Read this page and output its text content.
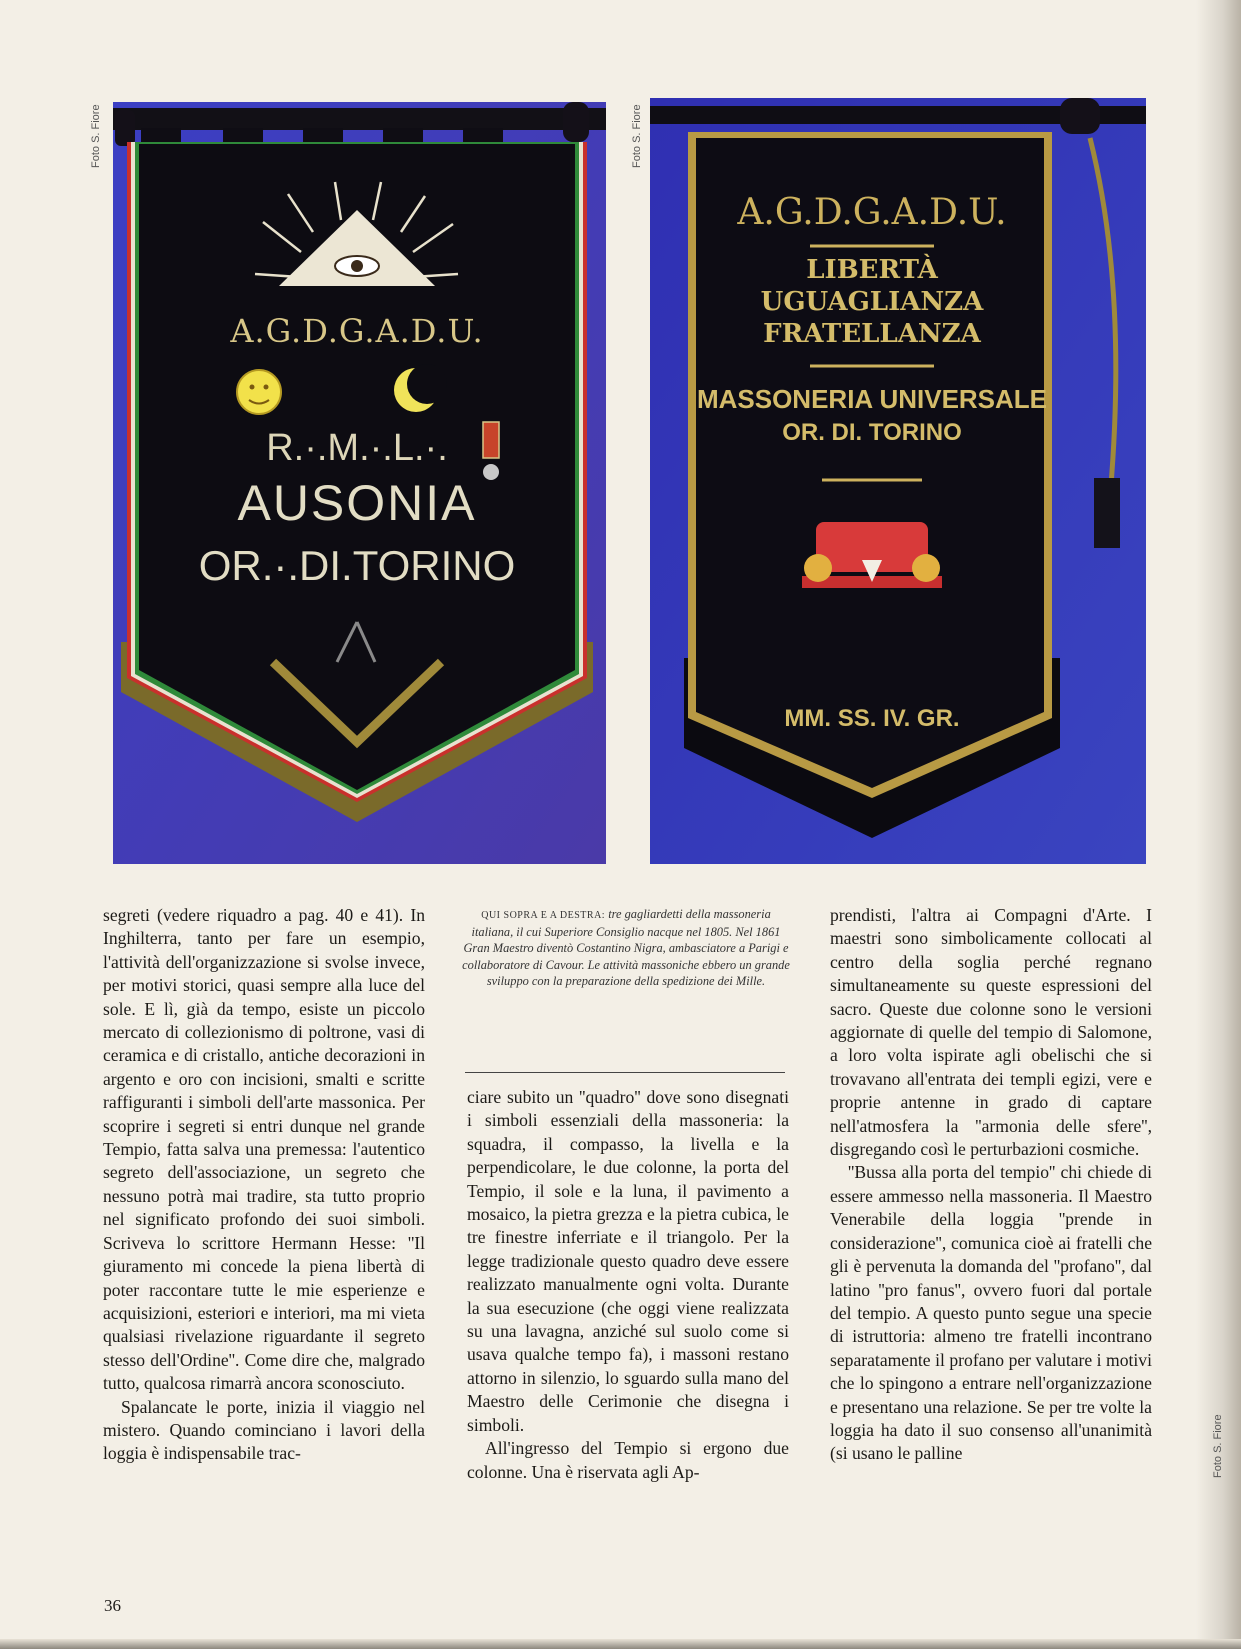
Foto S. Fiore	Foto S. Fiore
Foto S. Fiore
A.G.D.G.A.D.U.
R.·.M.·.L.·.
AUSONIA
OR.·.DI.TORINO
A.G.D.G.A.D.U.
LIBERTÀ
UGUAGLIANZA
FRATELLANZA
MASSONERIA UNIVERSALE
OR. DI. TORINO
MM. SS. IV. GR.

segreti (vedere riquadro a pag. 40 e 41). In Inghilterra, tanto per fare un esempio, l'attività dell'organizzazione si svolse invece, per motivi storici, quasi sempre alla luce del sole. E lì, già da tempo, esiste un piccolo mercato di collezionismo di poltrone, vasi di ceramica e di cristallo, antiche decorazioni in argento e oro con incisioni, smalti e scritte raffiguranti i simboli dell'arte massonica. Per scoprire i segreti si entri dunque nel grande Tempio, fatta salva una premessa: l'autentico segreto dell'associazione, un segreto che nessuno potrà mai tradire, sta tutto proprio nel significato profondo dei suoi simboli. Scriveva lo scrittore Hermann Hesse: ''Il giuramento mi concede la piena libertà di poter raccontare tutte le mie esperienze e acquisizioni, esteriori e interiori, ma mi vieta qualsiasi rivelazione riguardante il segreto stesso dell'Ordine''. Come dire che, malgrado tutto, qualcosa rimarrà ancora sconosciuto.

Spalancate le porte, inizia il viaggio nel mistero. Quando cominciano i lavori della loggia è indispensabile trac-

QUI SOPRA E A DESTRA: tre gagliardetti della massoneria italiana, il cui Superiore Consiglio nacque nel 1805. Nel 1861 Gran Maestro diventò Costantino Nigra, ambasciatore a Parigi e collaboratore di Cavour. Le attività massoniche ebbero un grande sviluppo con la preparazione della spedizione dei Mille.

ciare subito un ''quadro'' dove sono disegnati i simboli essenziali della massoneria: la squadra, il compasso, la livella e la perpendicolare, le due colonne, la porta del Tempio, il sole e la luna, il pavimento a mosaico, la pietra grezza e la pietra cubica, le tre finestre inferriate e il triangolo. Per la legge tradizionale questo quadro deve essere realizzato manualmente ogni volta. Durante la sua esecuzione (che oggi viene realizzata su una lavagna, anziché sul suolo come si usava qualche tempo fa), i massoni restano attorno in silenzio, lo sguardo sulla mano del Maestro delle Cerimonie che disegna i simboli.

All'ingresso del Tempio si ergono due colonne. Una è riservata agli Ap-

prendisti, l'altra ai Compagni d'Arte. I maestri sono simbolicamente collocati al centro della soglia perché regnano simultaneamente su queste espressioni del sacro. Queste due colonne sono le versioni aggiornate di quelle del tempio di Salomone, a loro volta ispirate agli obelischi che si trovavano all'entrata dei templi egizi, vere e proprie antenne in grado di captare nell'atmosfera la ''armonia delle sfere'', disgregando così le perturbazioni cosmiche.

''Bussa alla porta del tempio'' chi chiede di essere ammesso nella massoneria. Il Maestro Venerabile della loggia ''prende in considerazione'', comunica cioè ai fratelli che gli è pervenuta la domanda del ''profano'', dal latino ''pro fanus'', ovvero fuori dal portale del tempio. A questo punto segue una specie di istruttoria: almeno tre fratelli incontrano separatamente il profano per valutare i motivi che lo spingono a entrare nell'organizzazione e presentano una relazione. Se per tre volte la loggia ha dato il suo consenso all'unanimità (si usano le palline

36
